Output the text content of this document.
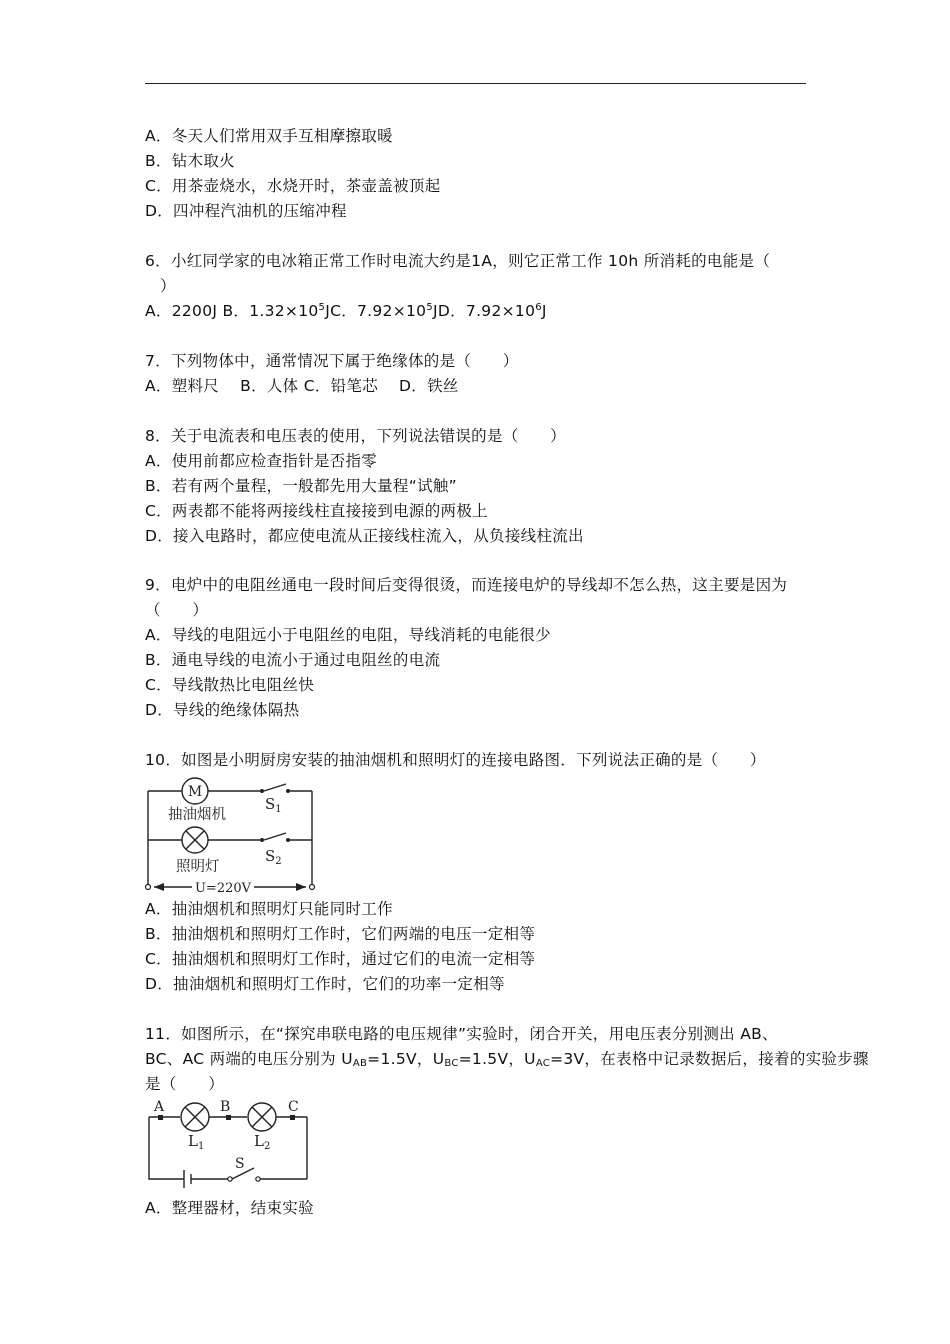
A．冬天人们常用双手互相摩擦取暖
B．钻木取火
C．用茶壶烧水，水烧开时，茶壶盖被顶起
D．四冲程汽油机的压缩冲程
6．小红同学家的电冰箱正常工作时电流大约是1A，则它正常工作 10h 所消耗的电能是（
）
A．2200J B．$1.32\times 10^5JC$．$7.92\times 10^5JD$．$7.92\times 10^6J$
7．下列物体中，通常情况下属于绝缘体的是（　　）
A．塑料尺　 B．人体 C．铅笔芯　 D．铁丝
8．关于电流表和电压表的使用，下列说法错误的是（　　）
A．使用前都应检查指针是否指零
B．若有两个量程，一般都先用大量程“试触”
C．两表都不能将两接线柱直接接到电源的两极上
D．接入电路时，都应使电流从正接线柱流入，从负接线柱流出
9．电炉中的电阻丝通电一段时间后变得很烫，而连接电炉的导线却不怎么热，这主要是因为
（　　）
A．导线的电阻远小于电阻丝的电阻，导线消耗的电能很少
B．通电导线的电流小于通过电阻丝的电流
C．导线散热比电阻丝快
D．导线的绝缘体隔热
10．如图是小明厨房安装的抽油烟机和照明灯的连接电路图．下列说法正确的是（　　）
M
$S_1$
抽油烟机
照明灯
$S_2$
U=220V
A．抽油烟机和照明灯只能同时工作
B．抽油烟机和照明灯工作时，它们两端的电压一定相等
C．抽油烟机和照明灯工作时，通过它们的电流一定相等
D．抽油烟机和照明灯工作时，它们的功率一定相等
11．如图所示，在“探究串联电路的电压规律”实验时，闭合开关，用电压表分别测出 AB、
BC、AC 两端的电压分别为 $U_{AB}=1.5V$，$U_{BC}=1.5V$，$U_{AC}=3V$，在表格中记录数据后，接着的实验步骤
是（　　）
A	B	C
$L_1$	$L_2$
S
A．整理器材，结束实验
